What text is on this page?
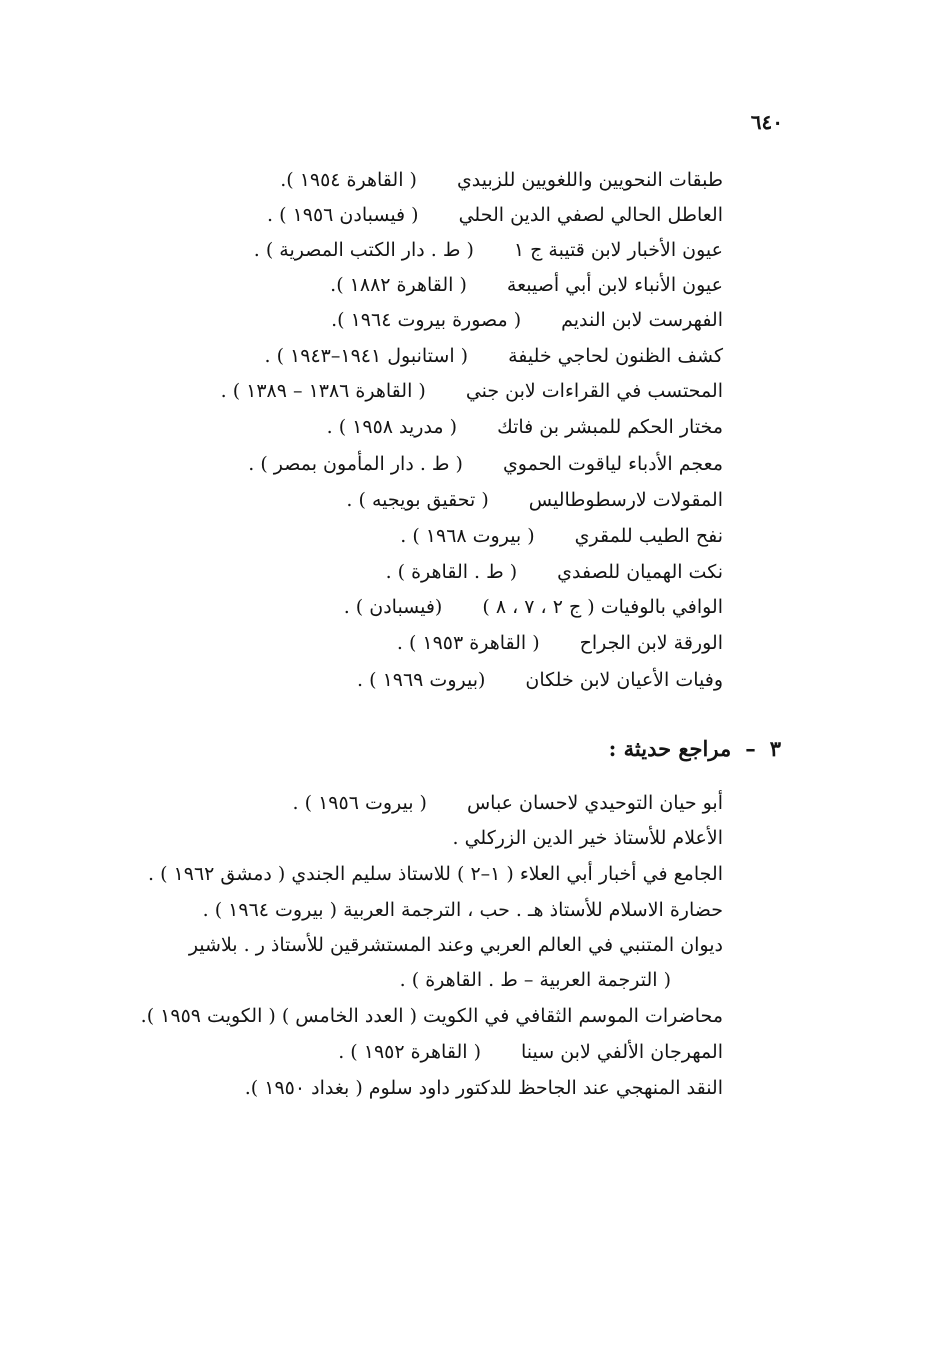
٦٤٠
طبقات النحويين واللغويين للزبيدي( القاهرة ١٩٥٤ ).
العاطل الحالي لصفي الدين الحلي( فيسبادن ١٩٥٦ ) .
عيون الأخبار لابن قتيبة ج ١( ط . دار الكتب المصرية ) .
عيون الأنباء لابن أبي أصيبعة( القاهرة ١٨٨٢ ).
الفهرست لابن النديم( مصورة بيروت ١٩٦٤ ).
كشف الظنون لحاجي خليفة( استانبول ١٩٤١–١٩٤٣ ) .
المحتسب في القراءات لابن جني( القاهرة ١٣٨٦ – ١٣٨٩ ) .
مختار الحكم للمبشر بن فاتك( مدريد ١٩٥٨ ) .
معجم الأدباء لياقوت الحموي( ط . دار المأمون بمصر ) .
المقولات لارسطوطاليس( تحقيق بويجيه ) .
نفح الطيب للمقري( بيروت ١٩٦٨ ) .
نكت الهميان للصفدي( ط . القاهرة ) .
الوافي بالوفيات ( ج ٢ ، ٧ ، ٨ )(فيسبادن ) .
الورقة لابن الجراح( القاهرة ١٩٥٣ ) .
وفيات الأعيان لابن خلكان(بيروت ١٩٦٩ ) .
٣–مراجع حديثة :
أبو حيان التوحيدي لاحسان عباس( بيروت ١٩٥٦ ) .
الأعلام للأستاذ خير الدين الزركلي .
الجامع في أخبار أبي العلاء ( ١–٢ ) للاستاذ سليم الجندي ( دمشق ١٩٦٢ ) .
حضارة الاسلام للأستاذ هـ . حب ، الترجمة العربية ( بيروت ١٩٦٤ ) .
ديوان المتنبي في العالم العربي وعند المستشرقين للأستاذ ر . بلاشير
( الترجمة العربية – ط . القاهرة ) .
محاضرات الموسم الثقافي في الكويت ( العدد الخامس ) ( الكويت ١٩٥٩ ).
المهرجان الألفي لابن سينا( القاهرة ١٩٥٢ ) .
النقد المنهجي عند الجاحظ للدكتور داود سلوم ( بغداد ١٩٥٠ ).
